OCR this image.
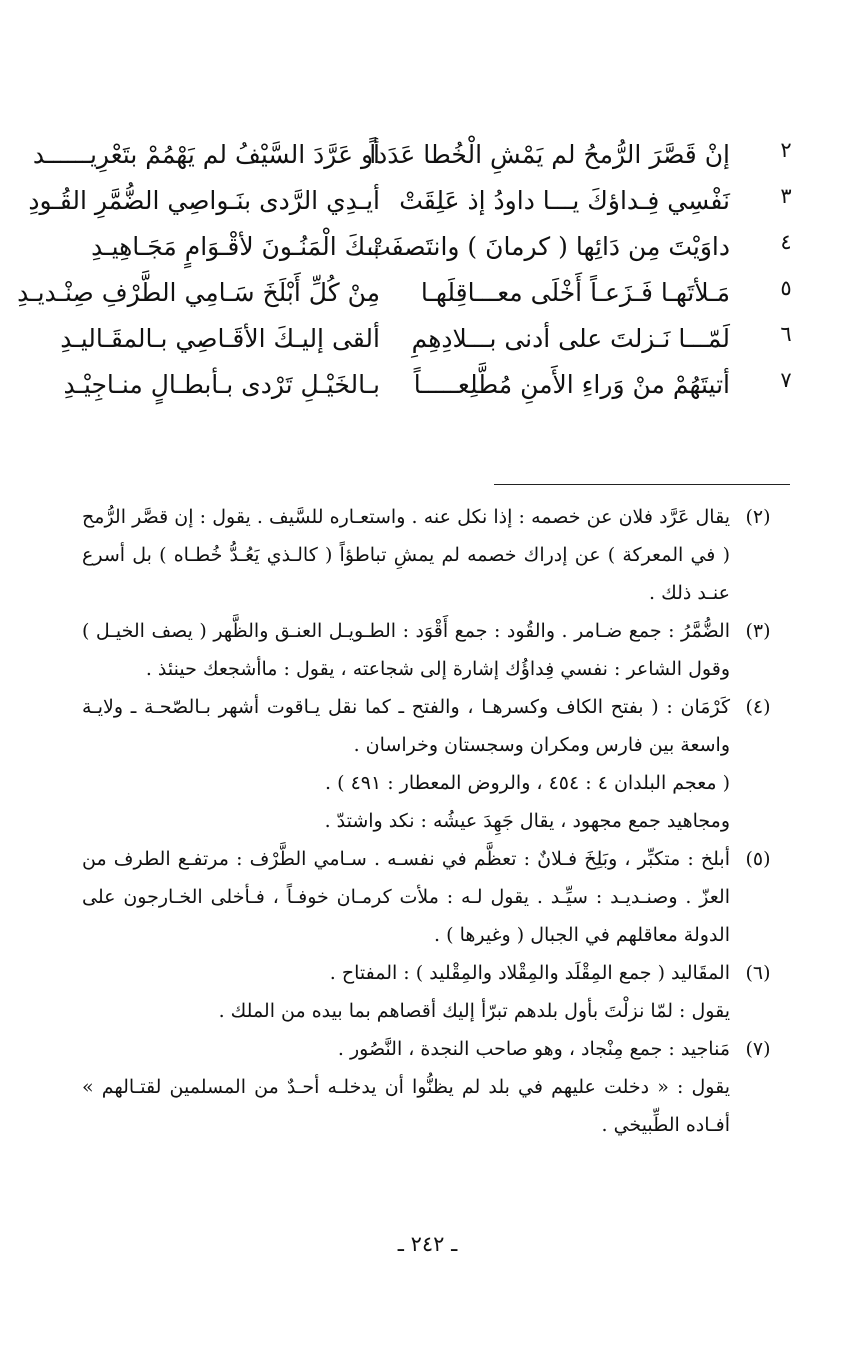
٢
إنْ قَصَّرَ الرُّمحُ لم يَمْشِ الْخُطا عَدَداً
أو عَرَّدَ السَّيْفُ لم يَهْمُمْ بتَعْرِيــــــد
٣
نَفْسِي فِـداؤكَ يـــا داودُ إذ عَلِقَتْ
أيـدِي الرَّدى بنَـواصِي الضُّمَّرِ القُـودِ
٤
داوَيْتَ مِن دَائِها ( كرمانَ ) وانتَصفَتْ
بـكَ الْمَنُـونَ لأقْـوَامٍ مَجَـاهِيـدِ
٥
مَـلأتَهـا فَـزَعـاً أَخْلَى معـــاقِلَهـا
مِنْ كُلِّ أَبْلَخَ سَـامِي الطَّرْفِ صِنْـديـدِ
٦
لَمّـــا نَـزلتَ على أدنى بـــلادِهِمِ
ألقى إليـكَ الأقَـاصِي بـالمقَـاليـدِ
٧
أتيتَهُمْ منْ وَراءِ الأَمنِ مُطَّلِعـــــاً
بـالخَيْـلِ تَرْدى بـأبطـالٍ منـاجِيْـدِ
(٢)
يقال عَرَّد فلان عن خصمه : إذا نكل عنه . واستعـاره للسَّيف . يقول : إن قصَّر الرُّمح ( في المعركة ) عن إدراك خصمه لم يمشِ تباطؤاً ( كالـذي يَعُـدُّ خُطـاه ) بل أسرع عنـد ذلك .
(٣)
الضُّمَّرُ : جمع ضـامر . والقُود : جمع أَقْوَد : الطـويـل العنـق والظَّهر ( يصف الخيـل ) وقول الشاعر : نفسي فِداؤُك إشارة إلى شجاعته ، يقول : ماأشجعك حينئذ .
(٤)
كَرْمَان : ( بفتح الكاف وكسرهـا ، والفتح ـ كما نقل يـاقوت أشهر بـالصّحـة ـ ولايـة واسعة بين فارس ومكران وسجستان وخراسان .
( معجم البلدان ٤ : ٤٥٤ ، والروض المعطار : ٤٩١ ) .
ومجاهيد جمع مجهود ، يقال جَهِدَ عيشُه : نكد واشتدّ .
(٥)
أبلخ : متكبِّر ، وبَلِخَ فـلانٌ : تعظَّم في نفسـه . سـامي الطَّرْف : مرتفـع الطرف من العزّ . وصنـديـد : سيِّـد . يقول لـه : ملأت كرمـان خوفـاً ، فـأخلى الخـارجون على الدولة معاقلهم في الجبال ( وغيرها ) .
(٦)
المقَاليد ( جمع المِقْلَد والمِقْلاد والمِقْليد ) : المفتاح .
يقول : لمّا نزلْتَ بأول بلدهم تبرّأ إليك أقصاهم بما بيده من الملك .
(٧)
مَناجيد : جمع مِنْجاد ، وهو صاحب النجدة ، النَّصُور .
يقول : « دخلت عليهم في بلد لم يظنُّوا أن يدخلـه أحـدٌ من المسلمين لقتـالهم » أفـاده الطِّبيخي .
ـ ٢٤٢ ـ
